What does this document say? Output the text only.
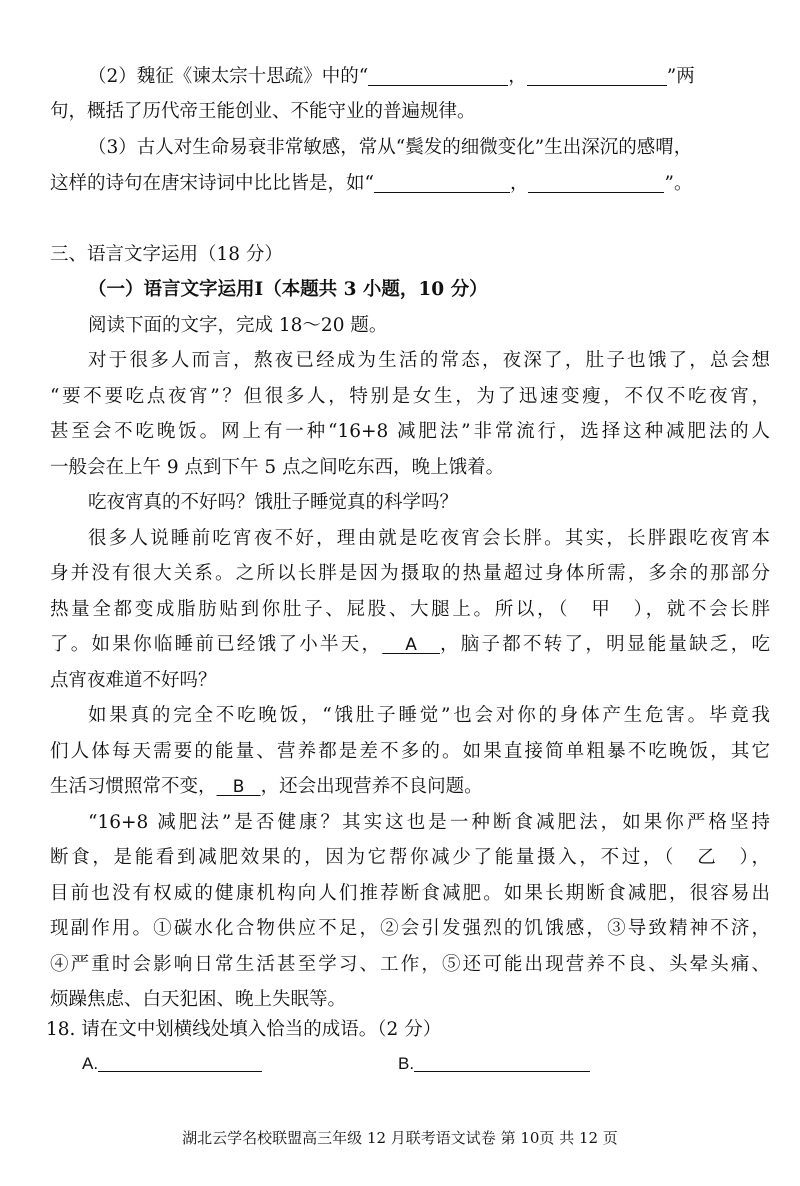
（2）魏征《谏太宗十思疏》中的“	，	”两
句，概括了历代帝王能创业、不能守业的普遍规律。
（3）古人对生命易衰非常敏感，常从“鬓发的细微变化”生出深沉的感喟，
这样的诗句在唐宋诗词中比比皆是，如“	，	”。
三、语言文字运用（18 分）
（一）语言文字运用Ⅰ（本题共 3 小题，10 分）
阅读下面的文字，完成 18～20 题。
对于很多人而言，熬夜已经成为生活的常态，夜深了，肚子也饿了，总会想
“要不要吃点夜宵”？但很多人，特别是女生，为了迅速变瘦，不仅不吃夜宵，
甚至会不吃晚饭。网上有一种“16+8 减肥法”非常流行，选择这种减肥法的人
一般会在上午 9 点到下午 5 点之间吃东西，晚上饿着。
吃夜宵真的不好吗？饿肚子睡觉真的科学吗？
很多人说睡前吃宵夜不好，理由就是吃夜宵会长胖。其实，长胖跟吃夜宵本
身并没有很大关系。之所以长胖是因为摄取的热量超过身体所需，多余的那部分
热量全都变成脂肪贴到你肚子、屁股、大腿上。所以，（　甲　），就不会长胖
了。如果你临睡前已经饿了小半天， A ，脑子都不转了，明显能量缺乏，吃
点宵夜难道不好吗？
如果真的完全不吃晚饭，“饿肚子睡觉”也会对你的身体产生危害。毕竟我
们人体每天需要的能量、营养都是差不多的。如果直接简单粗暴不吃晚饭，其它
生活习惯照常不变， B ，还会出现营养不良问题。
“16+8 减肥法”是否健康？其实这也是一种断食减肥法，如果你严格坚持
断食，是能看到减肥效果的，因为它帮你减少了能量摄入，不过，（　乙　），
目前也没有权威的健康机构向人们推荐断食减肥。如果长期断食减肥，很容易出
现副作用。①碳水化合物供应不足，②会引发强烈的饥饿感，③导致精神不济，
④严重时会影响日常生活甚至学习、工作，⑤还可能出现营养不良、头晕头痛、
烦躁焦虑、白天犯困、晚上失眠等。
18. 请在文中划横线处填入恰当的成语。（2 分）
A.	B.
湖北云学名校联盟高三年级 12 月联考语文试卷 第 10页 共 12 页
